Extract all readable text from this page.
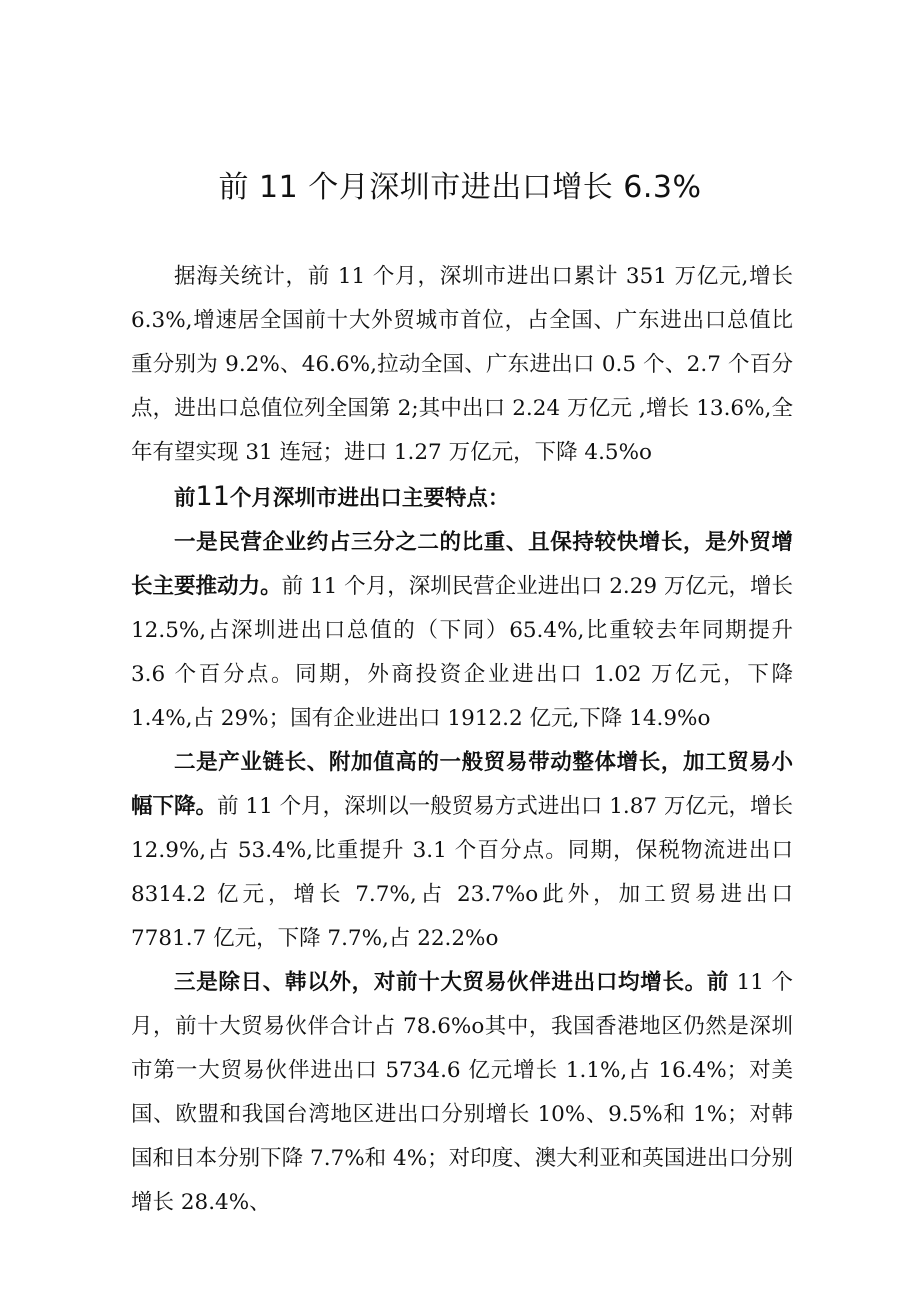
前 11 个月深圳市进出口增长 6.3%

据海关统计，前 11 个月，深圳市进出口累计 351 万亿元,增长 6.3%,增速居全国前十大外贸城市首位，占全国、广东进出口总值比重分别为 9.2%、46.6%,拉动全国、广东进出口 0.5 个、2.7 个百分点，进出口总值位列全国第 2;其中出口 2.24 万亿元 ,增长 13.6%,全年有望实现 31 连冠；进口 1.27 万亿元，下降 4.5%o

前11个月深圳市进出口主要特点：

一是民营企业约占三分之二的比重、且保持较快增长，是外贸增长主要推动力。前 11 个月，深圳民营企业进出口 2.29 万亿元，增长 12.5%,占深圳进出口总值的（下同）65.4%,比重较去年同期提升 3.6 个百分点。同期，外商投资企业进出口 1.02 万亿元，下降 1.4%,占 29%；国有企业进出口 1912.2 亿元,下降 14.9%o

二是产业链长、附加值高的一般贸易带动整体增长，加工贸易小幅下降。前 11 个月，深圳以一般贸易方式进出口 1.87 万亿元，增长 12.9%,占 53.4%,比重提升 3.1 个百分点。同期，保税物流进出口 8314.2 亿元，增长 7.7%,占 23.7%o此外，加工贸易进出口 7781.7 亿元，下降 7.7%,占 22.2%o

三是除日、韩以外，对前十大贸易伙伴进出口均增长。前 11 个月，前十大贸易伙伴合计占 78.6%o其中，我国香港地区仍然是深圳市第一大贸易伙伴进出口 5734.6 亿元增长 1.1%,占 16.4%；对美国、欧盟和我国台湾地区进出口分别增长 10%、9.5%和 1%；对韩国和日本分别下降 7.7%和 4%；对印度、澳大利亚和英国进出口分别增长 28.4%、
